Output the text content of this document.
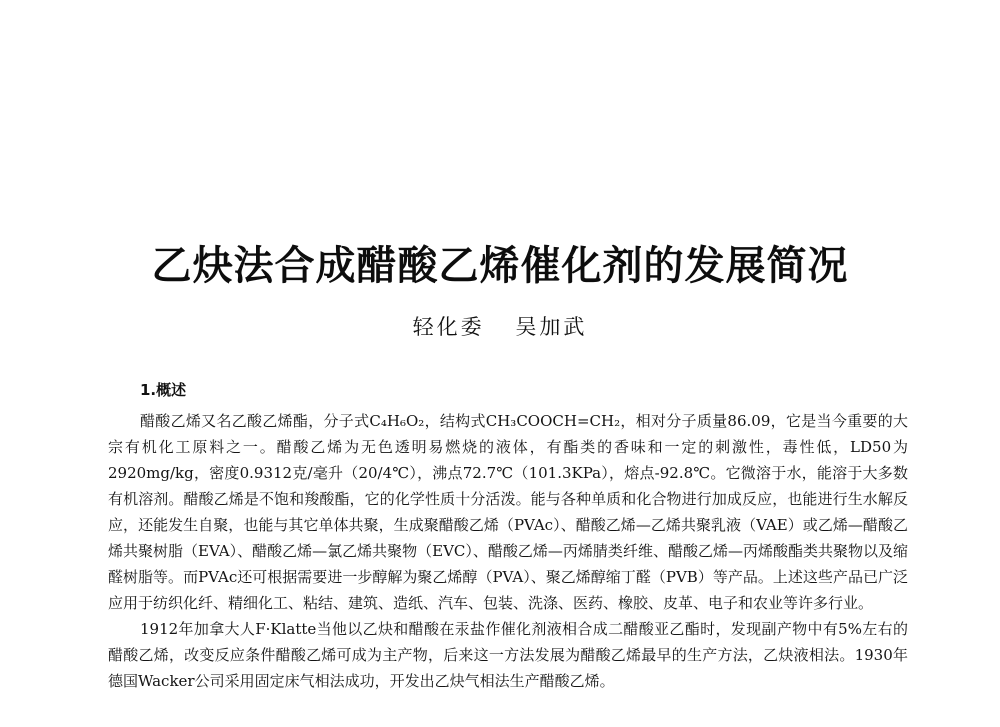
乙炔法合成醋酸乙烯催化剂的发展简况
轻化委 吴加武
1.概述

醋酸乙烯又名乙酸乙烯酯，分子式C₄H₆O₂，结构式CH₃COOCH=CH₂，相对分子质量86.09，它是当今重要的大宗有机化工原料之一。醋酸乙烯为无色透明易燃烧的液体，有酯类的香味和一定的刺激性，毒性低，LD50为2920mg/kg，密度0.9312克/毫升（20/4℃），沸点72.7℃（101.3KPa），熔点-92.8℃。它微溶于水，能溶于大多数有机溶剂。醋酸乙烯是不饱和羧酸酯，它的化学性质十分活泼。能与各种单质和化合物进行加成反应，也能进行生水解反应，还能发生自聚，也能与其它单体共聚，生成聚醋酸乙烯（PVAc）、醋酸乙烯—乙烯共聚乳液（VAE）或乙烯—醋酸乙烯共聚树脂（EVA）、醋酸乙烯—氯乙烯共聚物（EVC）、醋酸乙烯—丙烯腈类纤维、醋酸乙烯—丙烯酸酯类共聚物以及缩醛树脂等。而PVAc还可根据需要进一步醇解为聚乙烯醇（PVA）、聚乙烯醇缩丁醛（PVB）等产品。上述这些产品已广泛应用于纺织化纤、精细化工、粘结、建筑、造纸、汽车、包装、洗涤、医药、橡胶、皮革、电子和农业等许多行业。

1912年加拿大人F·Klatte当他以乙炔和醋酸在汞盐作催化剂液相合成二醋酸亚乙酯时，发现副产物中有5%左右的醋酸乙烯，改变反应条件醋酸乙烯可成为主产物，后来这一方法发展为醋酸乙烯最早的生产方法，乙炔液相法。1930年德国Wacker公司采用固定床气相法成功，开发出乙炔气相法生产醋酸乙烯。
